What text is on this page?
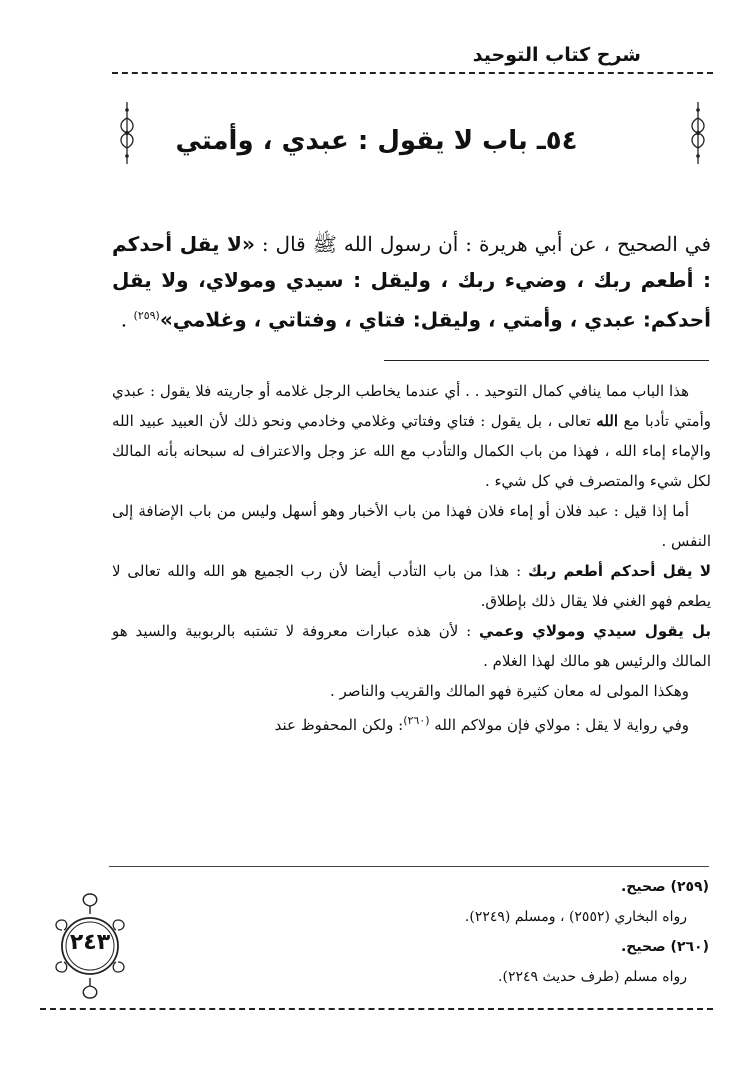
شرح كتاب التوحيد
٥٤ـ باب لا يقول : عبدي ، وأمتي
في الصحيح ، عن أبي هريرة : أن رسول الله ﷺ قال : «لا يقل أحدكم : أطعم ربك ، وضيء ربك ، وليقل : سيدي ومولاي، ولا يقل أحدكم: عبدي ، وأمتي ، وليقل: فتاي ، وفتاتي ، وغلامي»$^{(٢٥٩)}$ .

هذا الباب مما ينافي كمال التوحيد . . أي عندما يخاطب الرجل غلامه أو جاريته فلا يقول : عبدي وأمتي تأدبا مع الله تعالى ، بل يقول : فتاي وفتاتي وغلامي وخادمي ونحو ذلك لأن العبيد عبيد الله والإماء إماء الله ، فهذا من باب الكمال والتأدب مع الله عز وجل والاعتراف له سبحانه بأنه المالك لكل شيء والمتصرف في كل شيء .

أما إذا قيل : عبد فلان أو إماء فلان فهذا من باب الأخبار وهو أسهل وليس من باب الإضافة إلى النفس .

لا يقل أحدكم أطعم ربك : هذا من باب التأدب أيضا لأن رب الجميع هو الله والله تعالى لا يطعم فهو الغني فلا يقال ذلك بإطلاق.

بل يقول سيدي ومولاي وعمي : لأن هذه عبارات معروفة لا تشتبه بالربوبية والسيد هو المالك والرئيس هو مالك لهذا الغلام .

وهكذا المولى له معان كثيرة فهو المالك والقريب والناصر .

وفي رواية لا يقل : مولاي فإن مولاكم الله $^{(٢٦٠)}$: ولكن المحفوظ عند

(٢٥٩) صحيح.

رواه البخاري (٢٥٥٢) ، ومسلم (٢٢٤٩).

(٢٦٠) صحيح.

رواه مسلم (طرف حديث ٢٢٤٩).

٢٤٣
